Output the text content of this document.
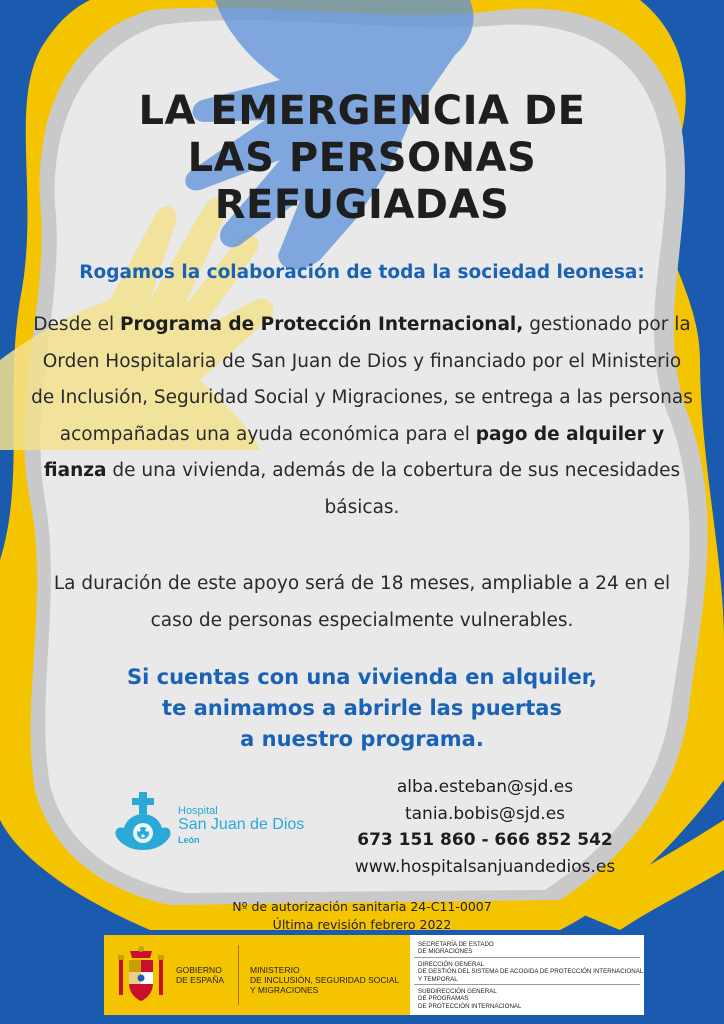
LA EMERGENCIA DE
LAS PERSONAS
REFUGIADAS

Rogamos la colaboración de toda la sociedad leonesa:

Desde el Programa de Protección Internacional, gestionado por la Orden Hospitalaria de San Juan de Dios y financiado por el Ministerio de Inclusión, Seguridad Social y Migraciones, se entrega a las personas acompañadas una ayuda económica para el pago de alquiler y fianza de una vivienda, además de la cobertura de sus necesidades básicas.

La duración de este apoyo será de 18 meses, ampliable a 24 en el caso de personas especialmente vulnerables.

Si cuentas con una vivienda en alquiler,
te animamos a abrirle las puertas
a nuestro programa.

Hospital
San Juan de Dios
León
alba.esteban@sjd.es
tania.bobis@sjd.es
673 151 860 - 666 852 542
www.hospitalsanjuandedios.es
Nº de autorización sanitaria 24-C11-0007
Última revisión febrero 2022
GOBIERNO
DE ESPAÑA
MINISTERIO
DE INCLUSIÓN, SEGURIDAD SOCIAL
Y MIGRACIONES
SECRETARÍA DE ESTADO
DE MIGRACIONES
DIRECCIÓN GENERAL
DE GESTIÓN DEL SISTEMA DE ACOGIDA DE PROTECCIÓN INTERNACIONAL
Y TEMPORAL
SUBDIRECCIÓN GENERAL
DE PROGRAMAS
DE PROTECCIÓN INTERNACIONAL
